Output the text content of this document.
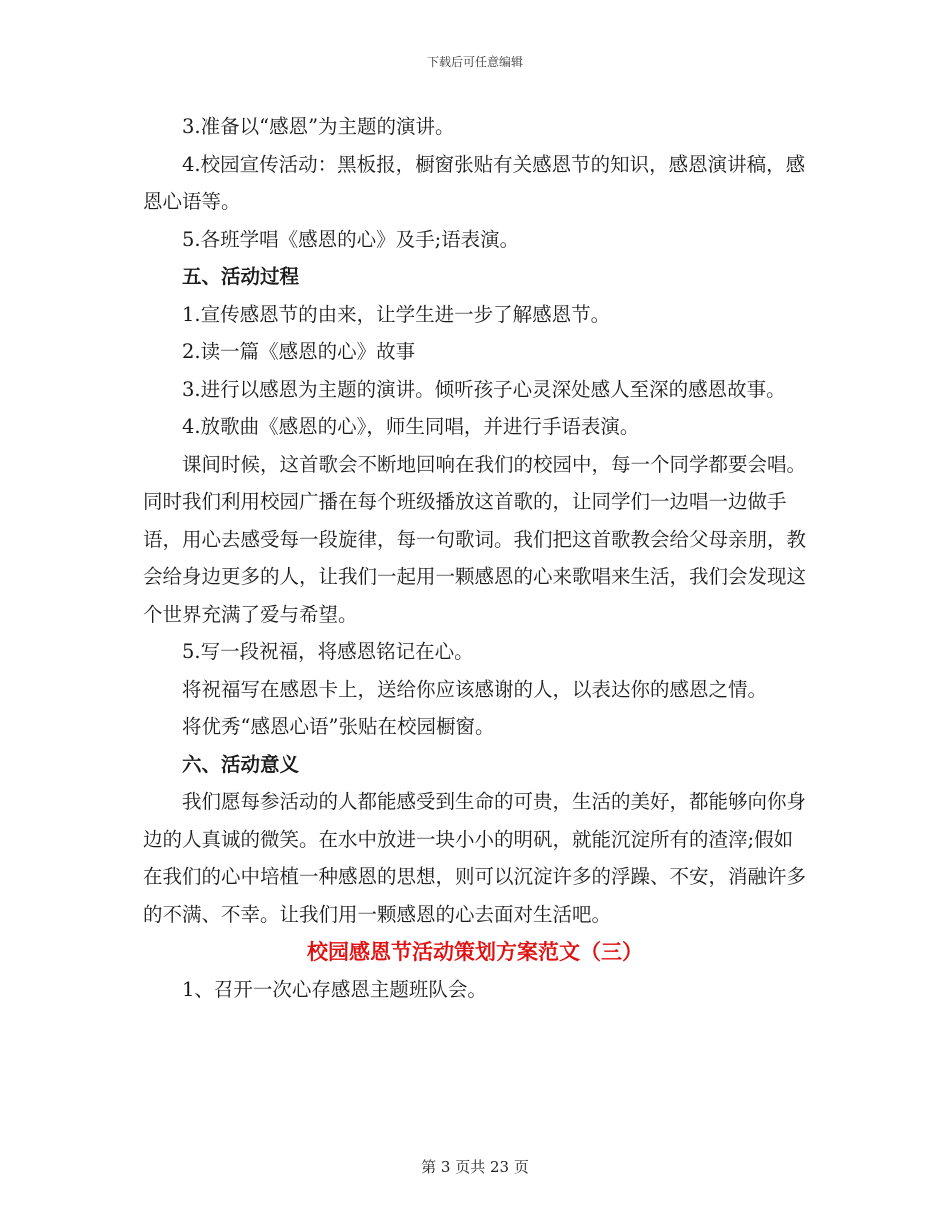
下载后可任意编辑

3.准备以“感恩”为主题的演讲。

4.校园宣传活动：黑板报，橱窗张贴有关感恩节的知识，感恩演讲稿，感恩心语等。

5.各班学唱《感恩的心》及手;语表演。

五、活动过程

1.宣传感恩节的由来，让学生进一步了解感恩节。

2.读一篇《感恩的心》故事

3.进行以感恩为主题的演讲。倾听孩子心灵深处感人至深的感恩故事。

4.放歌曲《感恩的心》，师生同唱，并进行手语表演。

课间时候，这首歌会不断地回响在我们的校园中，每一个同学都要会唱。同时我们利用校园广播在每个班级播放这首歌的，让同学们一边唱一边做手语，用心去感受每一段旋律，每一句歌词。我们把这首歌教会给父母亲朋，教会给身边更多的人，让我们一起用一颗感恩的心来歌唱来生活，我们会发现这个世界充满了爱与希望。

5.写一段祝福，将感恩铭记在心。

将祝福写在感恩卡上，送给你应该感谢的人，以表达你的感恩之情。

将优秀“感恩心语”张贴在校园橱窗。

六、活动意义

我们愿每参活动的人都能感受到生命的可贵，生活的美好，都能够向你身边的人真诚的微笑。在水中放进一块小小的明矾，就能沉淀所有的渣滓;假如在我们的心中培植一种感恩的思想，则可以沉淀许多的浮躁、不安，消融许多的不满、不幸。让我们用一颗感恩的心去面对生活吧。

校园感恩节活动策划方案范文（三）

1、召开一次心存感恩主题班队会。

第 3 页共 23 页
